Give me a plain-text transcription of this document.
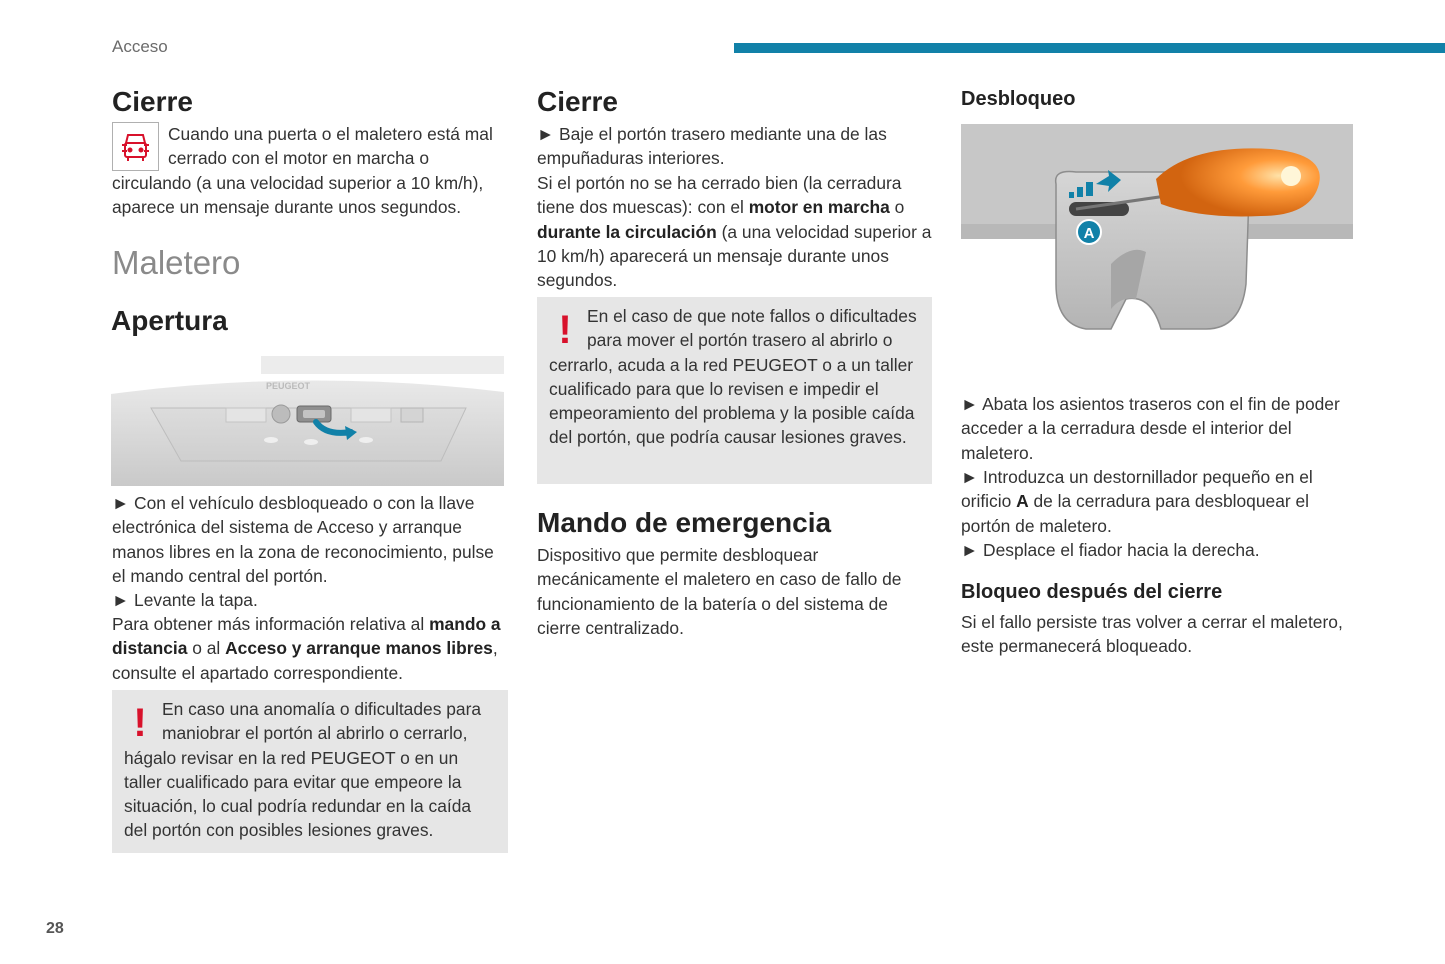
Acceso
Cierre
Cuando una puerta o el maletero está mal
cerrado con el motor en marcha o
circulando (a una velocidad superior a 10 km/h), aparece un mensaje durante unos segundos.
Maletero
Apertura
PEUGEOT
► Con el vehículo desbloqueado o con la llave electrónica del sistema de Acceso y arranque manos libres en la zona de reconocimiento, pulse el mando central del portón.
► Levante la tapa.
Para obtener más información relativa al mando a distancia o al Acceso y arranque manos libres, consulte el apartado correspondiente.
! En caso una anomalía o dificultades para maniobrar el portón al abrirlo o cerrarlo, hágalo revisar en la red PEUGEOT o en un taller cualificado para evitar que empeore la situación, lo cual podría redundar en la caída del portón con posibles lesiones graves.
Cierre
► Baje el portón trasero mediante una de las empuñaduras interiores.
Si el portón no se ha cerrado bien (la cerradura tiene dos muescas): con el motor en marcha o durante la circulación (a una velocidad superior a 10 km/h) aparecerá un mensaje durante unos segundos.
! En el caso de que note fallos o dificultades para mover el portón trasero al abrirlo o cerrarlo, acuda a la red PEUGEOT o a un taller cualificado para que lo revisen e impedir el empeoramiento del problema y la posible caída del portón, que podría causar lesiones graves.
Mando de emergencia
Dispositivo que permite desbloquear mecánicamente el maletero en caso de fallo de funcionamiento de la batería o del sistema de cierre centralizado.
Desbloqueo
A
► Abata los asientos traseros con el fin de poder acceder a la cerradura desde el interior del maletero.
► Introduzca un destornillador pequeño en el orificio A de la cerradura para desbloquear el portón de maletero.
► Desplace el fiador hacia la derecha.
Bloqueo después del cierre
Si el fallo persiste tras volver a cerrar el maletero, este permanecerá bloqueado.
28
